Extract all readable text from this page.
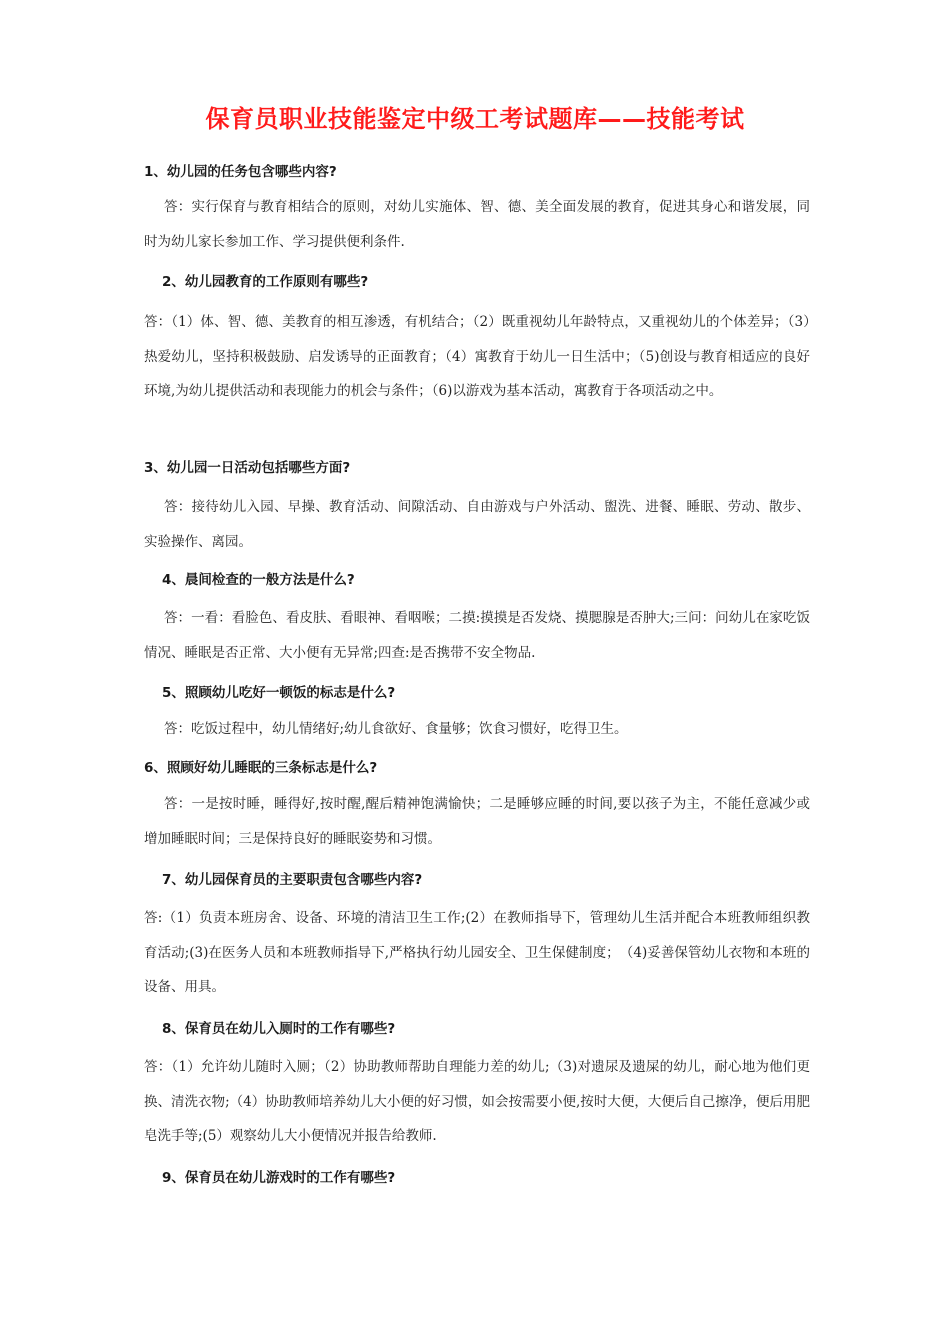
保育员职业技能鉴定中级工考试题库——技能考试
1、幼儿园的任务包含哪些内容?
答：实行保育与教育相结合的原则，对幼儿实施体、智、德、美全面发展的教育，促进其身心和谐发展，同时为幼儿家长参加工作、学习提供便利条件.
2、幼儿园教育的工作原则有哪些?
答：（1）体、智、德、美教育的相互渗透，有机结合；（2）既重视幼儿年龄特点，又重视幼儿的个体差异；（3）热爱幼儿，坚持积极鼓励、启发诱导的正面教育；（4）寓教育于幼儿一日生活中；（5)创设与教育相适应的良好环境,为幼儿提供活动和表现能力的机会与条件；（6)以游戏为基本活动，寓教育于各项活动之中。
3、幼儿园一日活动包括哪些方面?
答：接待幼儿入园、早操、教育活动、间隙活动、自由游戏与户外活动、盥洗、进餐、睡眠、劳动、散步、实验操作、离园。
4、晨间检查的一般方法是什么?
答：一看：看脸色、看皮肤、看眼神、看咽喉；二摸:摸摸是否发烧、摸腮腺是否肿大;三问：问幼儿在家吃饭情况、睡眠是否正常、大小便有无异常;四查:是否携带不安全物品.
5、照顾幼儿吃好一顿饭的标志是什么?
答：吃饭过程中，幼儿情绪好;幼儿食欲好、食量够；饮食习惯好，吃得卫生。
6、照顾好幼儿睡眠的三条标志是什么?
答：一是按时睡，睡得好,按时醒,醒后精神饱满愉快；二是睡够应睡的时间,要以孩子为主，不能任意减少或增加睡眠时间；三是保持良好的睡眠姿势和习惯。
7、幼儿园保育员的主要职责包含哪些内容?
答:（1）负责本班房舍、设备、环境的清洁卫生工作;(2）在教师指导下，管理幼儿生活并配合本班教师组织教育活动;(3)在医务人员和本班教师指导下,严格执行幼儿园安全、卫生保健制度；　（4)妥善保管幼儿衣物和本班的设备、用具。
8、保育员在幼儿入厕时的工作有哪些?
答：（1）允许幼儿随时入厕；（2）协助教师帮助自理能力差的幼儿;（3)对遗尿及遗屎的幼儿，耐心地为他们更换、清洗衣物;（4）协助教师培养幼儿大小便的好习惯，如会按需要小便,按时大便，大便后自己擦净，便后用肥皂洗手等;(5）观察幼儿大小便情况并报告给教师.
9、保育员在幼儿游戏时的工作有哪些?
